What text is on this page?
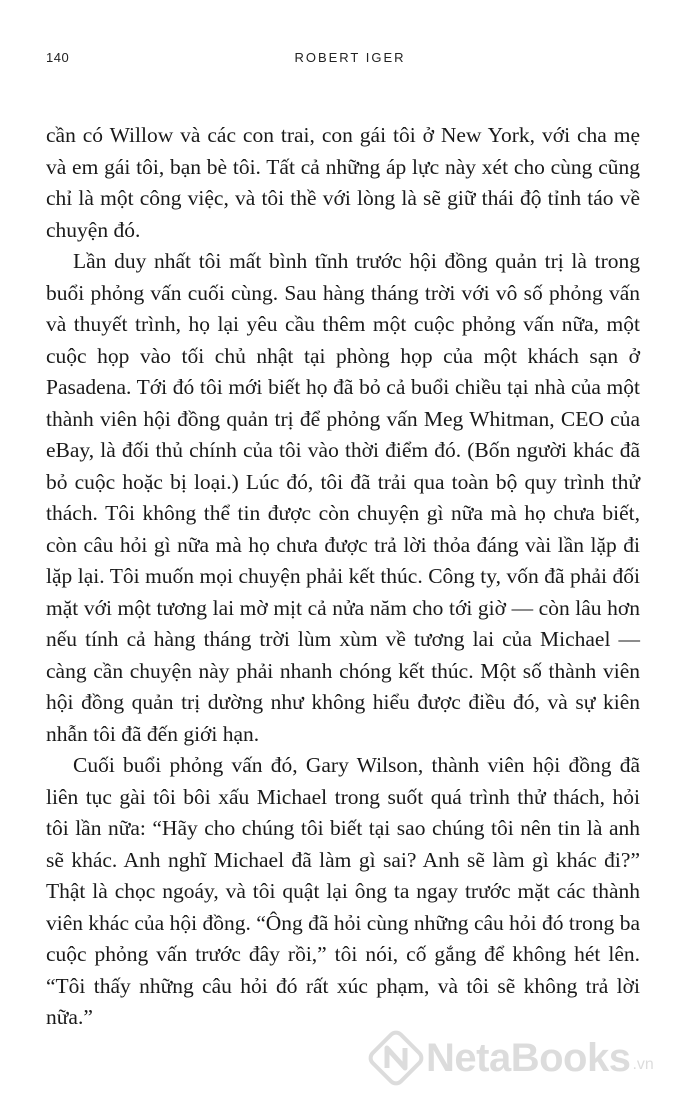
140	ROBERT IGER

cần có Willow và các con trai, con gái tôi ở New York, với cha mẹ và em gái tôi, bạn bè tôi. Tất cả những áp lực này xét cho cùng cũng chỉ là một công việc, và tôi thề với lòng là sẽ giữ thái độ tỉnh táo về chuyện đó.

Lần duy nhất tôi mất bình tĩnh trước hội đồng quản trị là trong buổi phỏng vấn cuối cùng. Sau hàng tháng trời với vô số phỏng vấn và thuyết trình, họ lại yêu cầu thêm một cuộc phỏng vấn nữa, một cuộc họp vào tối chủ nhật tại phòng họp của một khách sạn ở Pasadena. Tới đó tôi mới biết họ đã bỏ cả buổi chiều tại nhà của một thành viên hội đồng quản trị để phỏng vấn Meg Whitman, CEO của eBay, là đối thủ chính của tôi vào thời điểm đó. (Bốn người khác đã bỏ cuộc hoặc bị loại.) Lúc đó, tôi đã trải qua toàn bộ quy trình thử thách. Tôi không thể tin được còn chuyện gì nữa mà họ chưa biết, còn câu hỏi gì nữa mà họ chưa được trả lời thỏa đáng vài lần lặp đi lặp lại. Tôi muốn mọi chuyện phải kết thúc. Công ty, vốn đã phải đối mặt với một tương lai mờ mịt cả nửa năm cho tới giờ — còn lâu hơn nếu tính cả hàng tháng trời lùm xùm về tương lai của Michael — càng cần chuyện này phải nhanh chóng kết thúc. Một số thành viên hội đồng quản trị dường như không hiểu được điều đó, và sự kiên nhẫn tôi đã đến giới hạn.

Cuối buổi phỏng vấn đó, Gary Wilson, thành viên hội đồng đã liên tục gài tôi bôi xấu Michael trong suốt quá trình thử thách, hỏi tôi lần nữa: “Hãy cho chúng tôi biết tại sao chúng tôi nên tin là anh sẽ khác. Anh nghĩ Michael đã làm gì sai? Anh sẽ làm gì khác đi?” Thật là chọc ngoáy, và tôi quật lại ông ta ngay trước mặt các thành viên khác của hội đồng. “Ông đã hỏi cùng những câu hỏi đó trong ba cuộc phỏng vấn trước đây rồi,” tôi nói, cố gắng để không hét lên. “Tôi thấy những câu hỏi đó rất xúc phạm, và tôi sẽ không trả lời nữa.”

NetaBooks .vn
